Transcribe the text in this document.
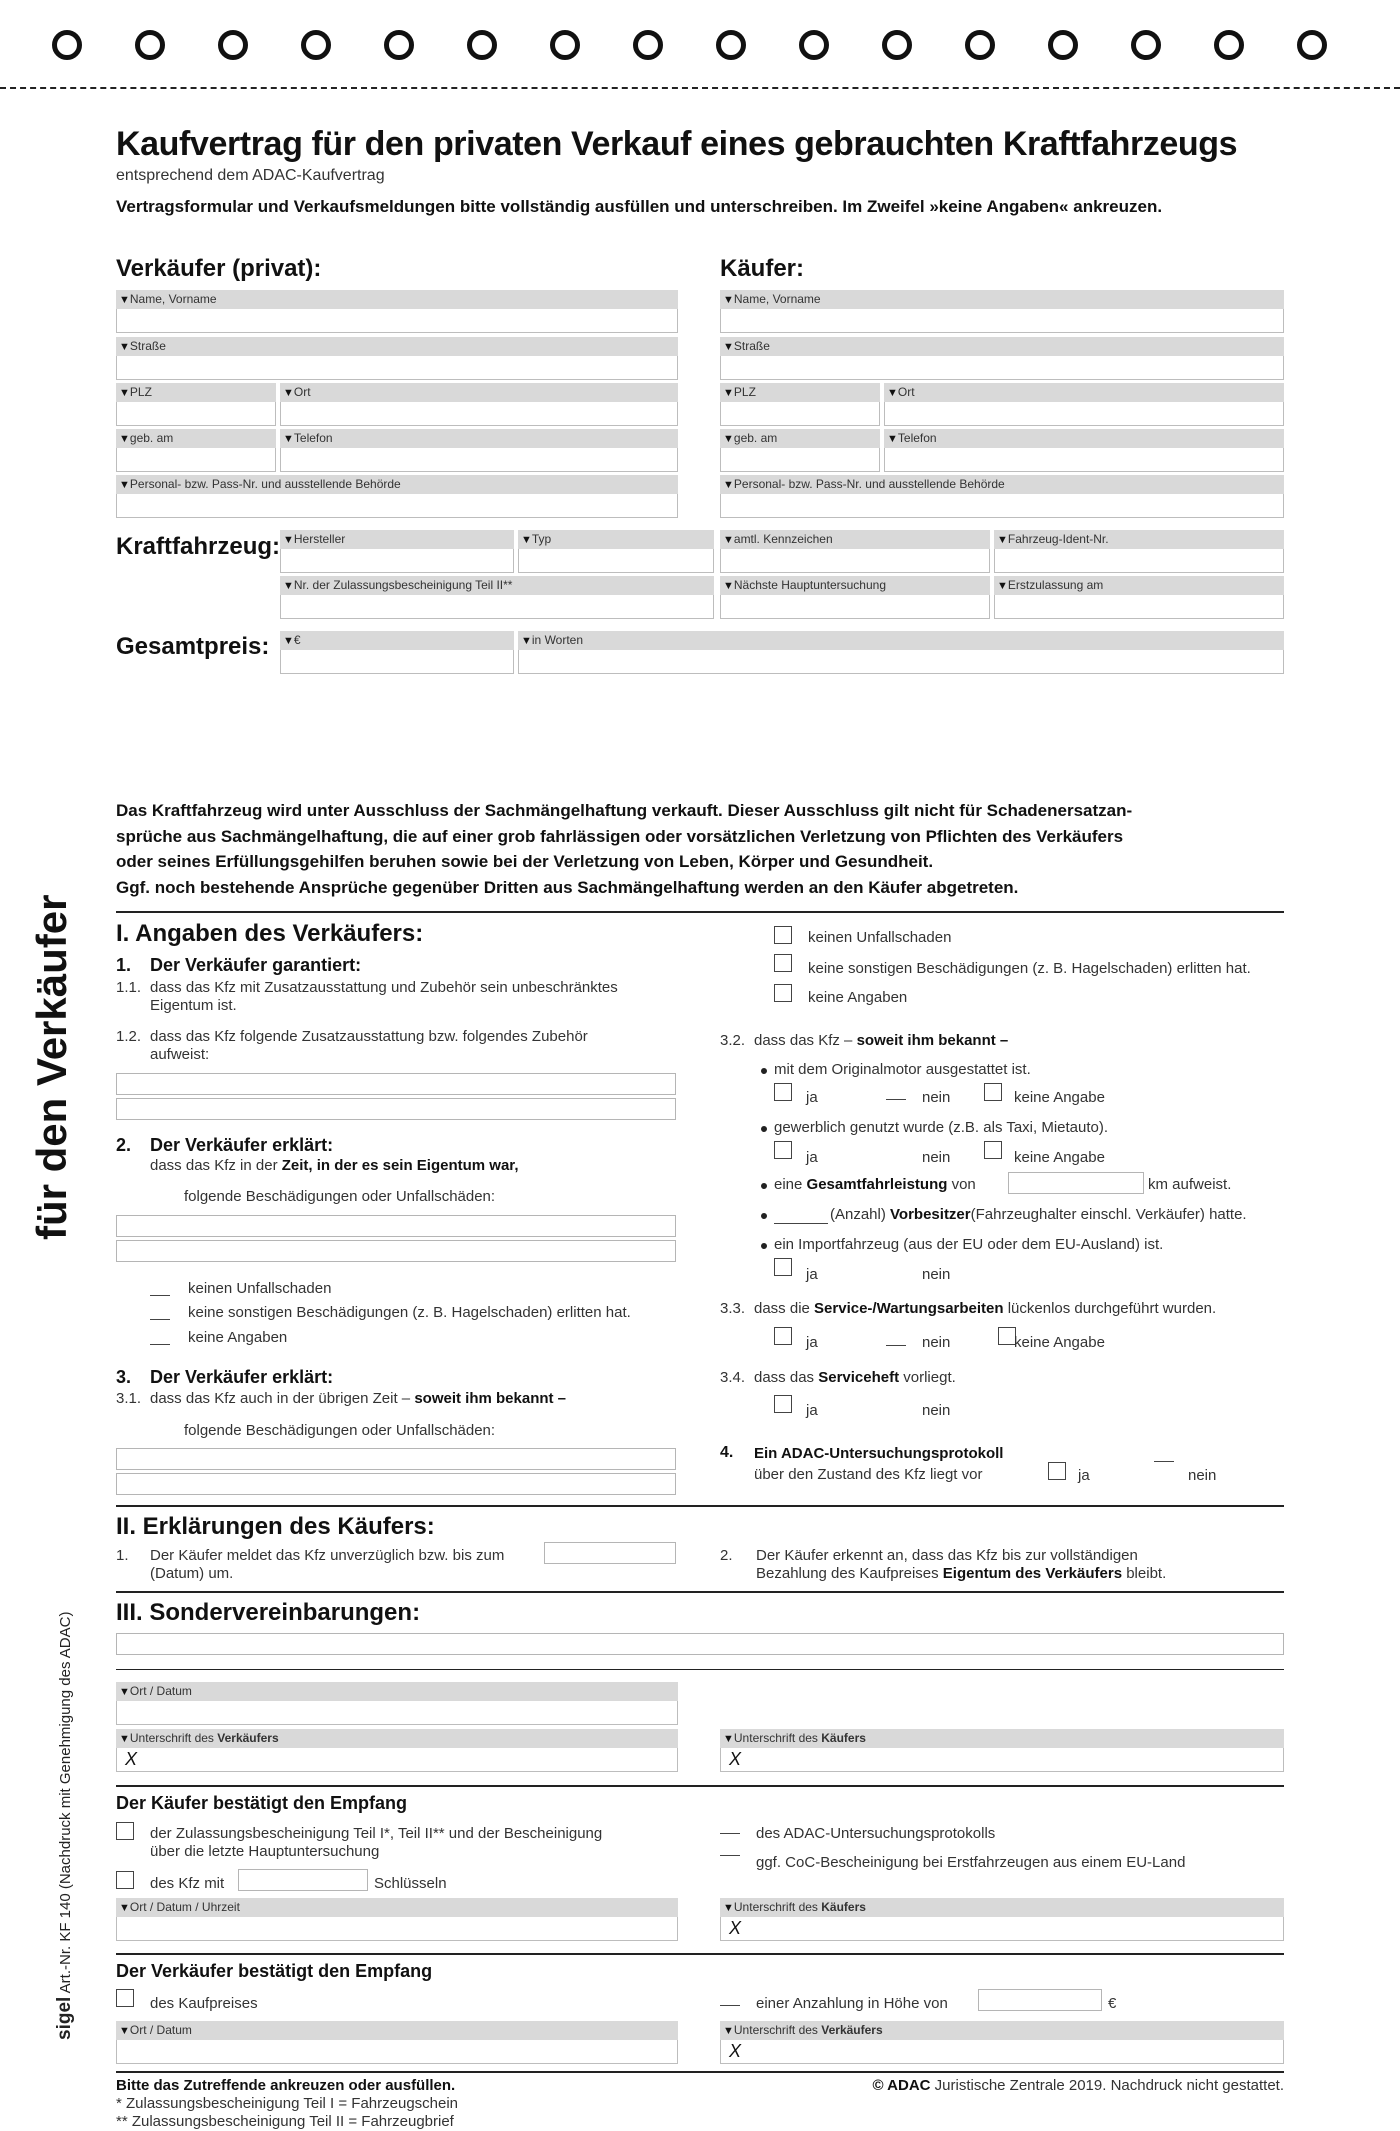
für den Verkäufer
sigel Art.-Nr. KF 140 (Nachdruck mit Genehmigung des ADAC)
Kaufvertrag für den privaten Verkauf eines gebrauchten Kraftfahrzeugs
entsprechend dem ADAC-Kaufvertrag
Vertragsformular und Verkaufsmeldungen bitte vollständig ausfüllen und unterschreiben. Im Zweifel »keine Angaben« ankreuzen.
Verkäufer (privat):	Käufer:
▼ Name, Vorname
▼ Straße
▼ PLZ	▼ Ort
▼ geb. am	▼ Telefon
▼ Personal- bzw. Pass-Nr. und ausstellende Behörde
▼ Name, Vorname
▼ Straße
▼ PLZ	▼ Ort
▼ geb. am	▼ Telefon
▼ Personal- bzw. Pass-Nr. und ausstellende Behörde
Kraftfahrzeug:	▼ Hersteller	▼ Typ	▼ amtl. Kennzeichen	▼ Fahrzeug-Ident-Nr.
▼ Nr. der Zulassungsbescheinigung Teil II**	▼ Nächste Hauptuntersuchung	▼ Erstzulassung am
Gesamtpreis:	▼ €	▼ in Worten
Das Kraftfahrzeug wird unter Ausschluss der Sachmängelhaftung verkauft. Dieser Ausschluss gilt nicht für Schadenersatzan-
sprüche aus Sachmängelhaftung, die auf einer grob fahrlässigen oder vorsätzlichen Verletzung von Pflichten des Verkäufers
oder seines Erfüllungsgehilfen beruhen sowie bei der Verletzung von Leben, Körper und Gesundheit.
Ggf. noch bestehende Ansprüche gegenüber Dritten aus Sachmängelhaftung werden an den Käufer abgetreten.
I. Angaben des Verkäufers:
1. Der Verkäufer garantiert:
1.1. dass das Kfz mit Zusatzausstattung und Zubehör sein unbeschränktes
Eigentum ist.
1.2. dass das Kfz folgende Zusatzausstattung bzw. folgendes Zubehör
aufweist:
2. Der Verkäufer erklärt:
dass das Kfz in der Zeit, in der es sein Eigentum war,
folgende Beschädigungen oder Unfallschäden:
keinen Unfallschaden
keine sonstigen Beschädigungen (z. B. Hagelschaden) erlitten hat.
keine Angaben
3. Der Verkäufer erklärt:
3.1. dass das Kfz auch in der übrigen Zeit – soweit ihm bekannt –
folgende Beschädigungen oder Unfallschäden:
keinen Unfallschaden
keine sonstigen Beschädigungen (z. B. Hagelschaden) erlitten hat.
keine Angaben
3.2. dass das Kfz – soweit ihm bekannt –
mit dem Originalmotor ausgestattet ist.
ja	nein	keine Angabe
gewerblich genutzt wurde (z.B. als Taxi, Mietauto).
ja	nein	keine Angabe
eine Gesamtfahrleistung von	km aufweist.
(Anzahl) Vorbesitzer(Fahrzeughalter einschl. Verkäufer) hatte.
ein Importfahrzeug (aus der EU oder dem EU-Ausland) ist.
ja	nein
3.3. dass die Service-/Wartungsarbeiten lückenlos durchgeführt wurden.
ja	nein	keine Angabe
3.4. dass das Serviceheft vorliegt.
ja	nein
4. Ein ADAC-Untersuchungsprotokoll
über den Zustand des Kfz liegt vor	ja	nein
II. Erklärungen des Käufers:
1. Der Käufer meldet das Kfz unverzüglich bzw. bis zum
(Datum) um.
2. Der Käufer erkennt an, dass das Kfz bis zur vollständigen
Bezahlung des Kaufpreises Eigentum des Verkäufers bleibt.
III. Sondervereinbarungen:
▼ Ort / Datum
▼ Unterschrift des Verkäufers
X
▼ Unterschrift des Käufers
X
Der Käufer bestätigt den Empfang
der Zulassungsbescheinigung Teil I*, Teil II** und der Bescheinigung
über die letzte Hauptuntersuchung
des Kfz mit	Schlüsseln
des ADAC-Untersuchungsprotokolls
ggf. CoC-Bescheinigung bei Erstfahrzeugen aus einem EU-Land
▼ Ort / Datum / Uhrzeit	▼ Unterschrift des Käufers
X
Der Verkäufer bestätigt den Empfang
des Kaufpreises	einer Anzahlung in Höhe von	€
▼ Ort / Datum	▼ Unterschrift des Verkäufers
X
Bitte das Zutreffende ankreuzen oder ausfüllen.
* Zulassungsbescheinigung Teil I = Fahrzeugschein
** Zulassungsbescheinigung Teil II = Fahrzeugbrief
© ADAC Juristische Zentrale 2019. Nachdruck nicht gestattet.
